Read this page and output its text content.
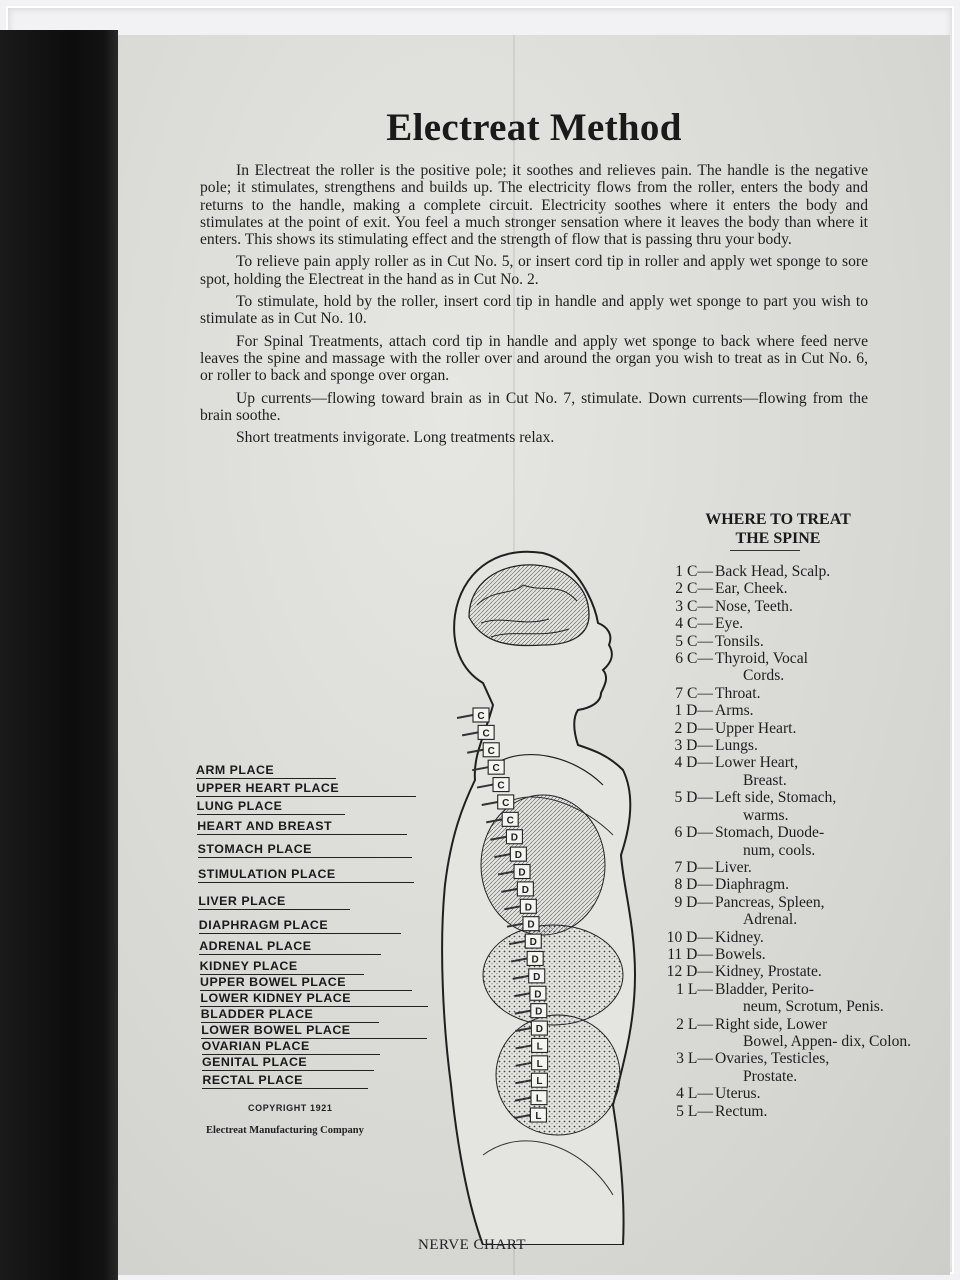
Electreat Method

In Electreat the roller is the positive pole; it soothes and relieves pain. The handle is the negative pole; it stimulates, strengthens and builds up. The electricity flows from the roller, enters the body and returns to the handle, making a complete circuit. Electricity soothes where it enters the body and stimulates at the point of exit. You feel a much stronger sensation where it leaves the body than where it enters. This shows its stimulating effect and the strength of flow that is passing thru your body.

To relieve pain apply roller as in Cut No. 5, or insert cord tip in roller and apply wet sponge to sore spot, holding the Electreat in the hand as in Cut No. 2.

To stimulate, hold by the roller, insert cord tip in handle and apply wet sponge to part you wish to stimulate as in Cut No. 10.

For Spinal Treatments, attach cord tip in handle and apply wet sponge to back where feed nerve leaves the spine and massage with the roller over and around the organ you wish to treat as in Cut No. 6, or roller to back and sponge over organ.

Up currents—flowing toward brain as in Cut No. 7, stimulate. Down currents—flowing from the brain soothe.

Short treatments invigorate. Long treatments relax.

C
C
C
C
C
C
C
D
D
D
D
D
D
D
D
D
D
D
D
L
L
L
L
L
ARM PLACE
UPPER HEART PLACE
LUNG PLACE
HEART AND BREAST
STOMACH PLACE
STIMULATION PLACE
LIVER PLACE
DIAPHRAGM PLACE
ADRENAL PLACE
KIDNEY PLACE
UPPER BOWEL PLACE
LOWER KIDNEY PLACE
BLADDER PLACE
LOWER BOWEL PLACE
OVARIAN PLACE
GENITAL PLACE
RECTAL PLACE
COPYRIGHT 1921
Electreat Manufacturing Company
WHERE TO TREAT
THE SPINE
1 C— Back Head, Scalp.
2 C— Ear, Cheek.
3 C— Nose, Teeth.
4 C— Eye.
5 C— Tonsils.
6 C— Thyroid, Vocal
Cords.
7 C— Throat.
1 D— Arms.
2 D— Upper Heart.
3 D— Lungs.
4 D— Lower Heart,
Breast.
5 D— Left side, Stomach,
warms.
6 D— Stomach, Duode-
num, cools.
7 D— Liver.
8 D— Diaphragm.
9 D— Pancreas, Spleen,
Adrenal.
10 D— Kidney.
11 D— Bowels.
12 D— Kidney, Prostate.
1 L— Bladder, Perito-
neum, Scrotum, Penis.
2 L— Right side, Lower
Bowel, Appen- dix, Colon.
3 L— Ovaries, Testicles,
Prostate.
4 L— Uterus.
5 L— Rectum.
NERVE CHART
